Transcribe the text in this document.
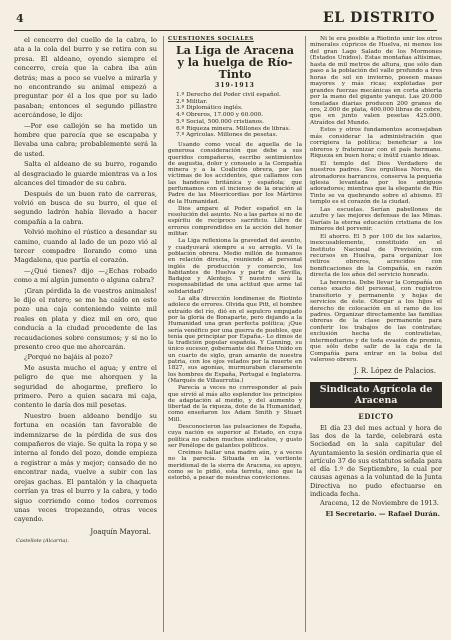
4	EL DISTRITO

el cencerro del cuello de la cabra, lo ata a la cola del burro y se retira con su presa. El aldeano, oyendo siempre el cencerro, creía que la cabra iba aún detrás; mas a poco se vuelve a mirarla y no encontrando su animal empezó a preguntar por él a los que por su lado pasaban; entonces el segundo pillastre acercándose, le dijo:

—Por ese callejón se ha metido un hombre que parecía que se escapaba y llevaba una cabra; probablemente será la de usted.

Salta el aldeano de su burro, rogando al desgraciado le guarde mientras va a los alcances del timador de su cabra.

Después de un buen rato de carreras, volvió en busca de su burro, el que el segundo ladrón había llevado a hacer compañía a la cabra.

Volvió mohino el rústico a desandar su camino, cuando al lado de un pozo vió al tercer compadre llorando como una Magdalena, que partía el corazón.

—¿Qué tienes? dijo —¿Echas robado como a mí algún jumento o alguna cabra?

¡Gran pérdida la de vuestros animales! le dijo el ratero; se me ha caído en este pozo una caja conteniendo veinte mil reales en plata y diez mil en oro, que conducía a la ciudad procedente de las recaudaciones sobre consumos; y si no lo presento creo que me ahorcarán.

¿Porqué no bajáis al pozo?

Me asusta mucho el agua; y entre el peligro de que me ahorquen y la seguridad de ahogarme, prefiero lo primero. Pero a quien sacara mi caja, contento le daría dos mil pesetas.

Nuestro buen aldeano bendijo su fortuna en ocasión tan favorable de indemnizarse de la pérdida de sus dos compañeros de viaje. Se quita la ropa y se interna al fondo del pozo, donde empieza a registrar a más y mejor; cansado de no encontrar nada, vuelve a subir con las orejas gachas. El pantalón y la chaqueta corrían ya tras el burro y la cabra, y todo siguo corriendo como todos corremos unas veces tropezando, otras veces cayendo.

Joaquín Mayoral.
Castellote (Alcarria).
CUESTIONES SOCIALES
La Liga de Aracena
y la huelga de Río-Tinto
319-1913
1.º Derecho del Poder civil español.
2.º Militar.
3.º Diplomático inglés.
4.º Obreros, 17.000 y 60.000.
5.º Social, 500.000 cristianos.
6.º Riqueza minera. Millones de libras.
7.º Agrícolas. Millones de pesetas.

Usando como vocal de aquella de la generosa consideración que debe a sus queridos compañeros, escribo sentimientos de augustia, dolor y consuelo a la Compañía minera y a la Coalición obrera, por las víctimas de los accidentes, que callamos con las banderas británica y española; que perfumamos con el incienso de la oración al Padre de las Misericordias por los Mártires de la Humanidad.

Dios ampare al Poder español en la resolución del asunto. No a las partes si no de espíritu de recíproco sacrificio. Líbre de errores comprendidos en la acción del honor militar.

La Liga reflexiona la gravedad del asunto, y cuadyuvará siempre a su arreglo. Ví la población obrera. Medio millón de humanos en relación directa, reuniendo al personal inglés de producción y comercio, los habitantes de Huelva y parte de Sevilla, Badajoz y Alentejo. Y nuestro será la responsabilidad de una actitud que arme tal solidaridad?

La alta dirección londinense de Riotinto adolece de errores. Olvida que Pitt, el hombre extraído del río, dió en el sepulcro empujado por la gloria de Bonaparte, pero dejando a la Humanidad una gran perfecta política; ¡Que sería venéfico por una guerra de pueblos, que tenía que principiar por España.- Lo dimos de la tradición popular española. Y Canning, su único sucesor, gobernante del Reino Unido en un cuarto de siglo, gran amante de nuestra patria, con los ojos velados por la muerte en 1827, sus agonías, murmuraban claramente los hombres de España, Portugal e Inglaterra. (Marqués de Villaurrutia.)

Parecía a veces no corresponder al país que sirvió al más alto esplendor los principios de adaptación al medio, y del aumento y libertad de la riqueza, dote de la Humanidad, como enseñaron los Adam Smith y Stuart Mill.

Desconocieron las pulsaciones de España, cuya nación es superior al Estado, en cuya política no caben muchos sindicatos, y gusto ser Penélope de galantes políticos.

Creimos hallar una madre aún, y a veces no la parecía. Situada en la vertiente meridional de la sierra de Aracena, su apoyo, como se le pidió, esta terreta, sino que la estorbó, a pesar de nuestras convicciones.

Ni le era posible a Riotinto unir los otros minerales cúpricos de Huelva, ni menos los del gran Lago Salado de los Mormones (Estados Unidos). Estas montañas altísimas, hasta de mil metros de altura, que sólo dan paso a la población del valle profundo a tres horas de sol en invierno, poseen masas mayores y más ricas; explotadas por grandes fuerzas mecánicas en corta abierta por la mano del gigante yanqui. Las 20.000 toneladas diarias producen 200 granos de oro, 2.000 de plata, 400.000 libras de cobre, que en junto valen pesetas 425.000. Atraídos del Mundo.

Estos y otros fundamentos aconsejaban más considerar la administración que corrigiera la política; beneficiar a los obreros y fraternizar con el país hermano. Riqueza en buen hora; e inútil cuanto ideas.

El templo del Dios Verdadero de nuestros padres. Sus orgullosa Norva, de atronadores barrancos, conserva la pequeña iglesia levantada por los antiguos adoradores; mientras que la elegante de Río Tinto se va quebrando sobre el abismo. El templo es el corazón de la ciudad.

Las escuelas. Serían pabellones de azufre y las mejores defensas de las Minas. Daríais la eterna educación cristiana de los mineros del porvenir.

El ahorro. El 5 por 100 de los salarios, inexcusablemente, constituido en el Instituto Nacional de Previsión, con recursos en Huelva, para organizar los retiros obreros, acrecidos con bonificaciones de la Compañía, en razón directa de los años del servicio honrado.

La herencia. Debe llevar la Compañía un censo exacto del personal, con registros transitorio y permanente y hojas de servicios de éste. Otorgar a los hijos el derecho de colocación en el ramo de los padres. Organizar directamente las familias obreras de la clase permanente para conferir los trabajos de las contratas; exclusión hecha de contratistas, intermediarios y de toda evasión de premio, que sólo debe salir de la caja de la Compañía para entrar en la bolsa del valeroso obrero.

J. R. López de Palacios.
Sindicato Agrícola de Aracena
EDICTO

El día 23 del mes actual y hora de las dos de la tarde, celebrará esta Sociedad en la sala capitular del Ayuntamiento la sesión ordinaria que el artículo 37 de sus estatutos señala para el día 1.º de Septiembre, la cual por causas agenas a la voluntad de la Junta Directiva no pudo efectuarse en indicada fecha.

Aracena, 12 de Noviembre de 1913.

El Secretario. — Rafael Durán.
